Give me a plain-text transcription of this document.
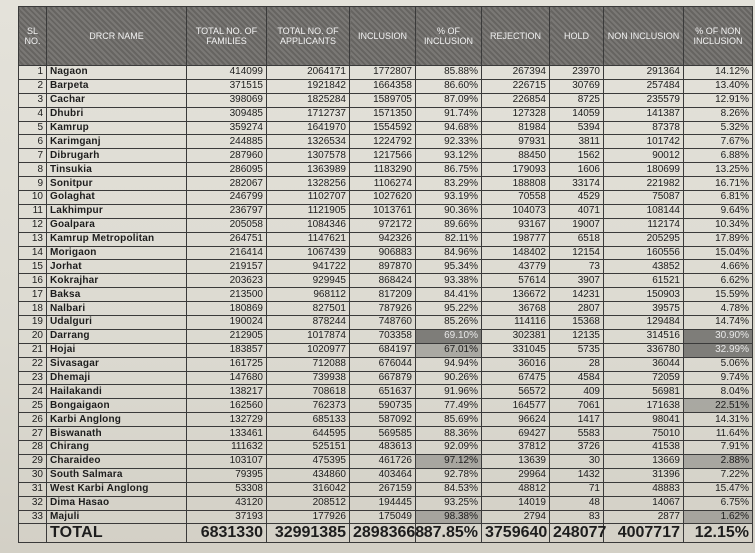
SL NO.	DRCR NAME	TOTAL NO. OF FAMILIES	TOTAL NO. OF APPLICANTS	INCLUSION	% OF INCLUSION	REJECTION	HOLD	NON INCLUSION	% OF NON INCLUSION
1	Nagaon	414099	2064171	1772807	85.88%	267394	23970	291364	14.12%
2	Barpeta	371515	1921842	1664358	86.60%	226715	30769	257484	13.40%
3	Cachar	398069	1825284	1589705	87.09%	226854	8725	235579	12.91%
4	Dhubri	309485	1712737	1571350	91.74%	127328	14059	141387	8.26%
5	Kamrup	359274	1641970	1554592	94.68%	81984	5394	87378	5.32%
6	Karimganj	244885	1326534	1224792	92.33%	97931	3811	101742	7.67%
7	Dibrugarh	287960	1307578	1217566	93.12%	88450	1562	90012	6.88%
8	Tinsukia	286095	1363989	1183290	86.75%	179093	1606	180699	13.25%
9	Sonitpur	282067	1328256	1106274	83.29%	188808	33174	221982	16.71%
10	Golaghat	246799	1102707	1027620	93.19%	70558	4529	75087	6.81%
11	Lakhimpur	236797	1121905	1013761	90.36%	104073	4071	108144	9.64%
12	Goalpara	205058	1084346	972172	89.66%	93167	19007	112174	10.34%
13	Kamrup Metropolitan	264751	1147621	942326	82.11%	198777	6518	205295	17.89%
14	Morigaon	216414	1067439	906883	84.96%	148402	12154	160556	15.04%
15	Jorhat	219157	941722	897870	95.34%	43779	73	43852	4.66%
16	Kokrajhar	203623	929945	868424	93.38%	57614	3907	61521	6.62%
17	Baksa	213500	968112	817209	84.41%	136672	14231	150903	15.59%
18	Nalbari	180869	827501	787926	95.22%	36768	2807	39575	4.78%
19	Udalguri	190024	878244	748760	85.26%	114116	15368	129484	14.74%
20	Darrang	212905	1017874	703358	69.10%	302381	12135	314516	30.90%
21	Hojai	183857	1020977	684197	67.01%	331045	5735	336780	32.99%
22	Sivasagar	161725	712088	676044	94.94%	36016	28	36044	5.06%
23	Dhemaji	147680	739938	667879	90.26%	67475	4584	72059	9.74%
24	Hailakandi	138217	708618	651637	91.96%	56572	409	56981	8.04%
25	Bongaigaon	162560	762373	590735	77.49%	164577	7061	171638	22.51%
26	Karbi Anglong	132729	685133	587092	85.69%	96624	1417	98041	14.31%
27	Biswanath	133461	644595	569585	88.36%	69427	5583	75010	11.64%
28	Chirang	111632	525151	483613	92.09%	37812	3726	41538	7.91%
29	Charaideo	103107	475395	461726	97.12%	13639	30	13669	2.88%
30	South Salmara	79395	434860	403464	92.78%	29964	1432	31396	7.22%
31	West Karbi Anglong	53308	316042	267159	84.53%	48812	71	48883	15.47%
32	Dima Hasao	43120	208512	194445	93.25%	14019	48	14067	6.75%
33	Majuli	37193	177926	175049	98.38%	2794	83	2877	1.62%
	TOTAL	6831330	32991385	28983668	87.85%	3759640	248077	4007717	12.15%
